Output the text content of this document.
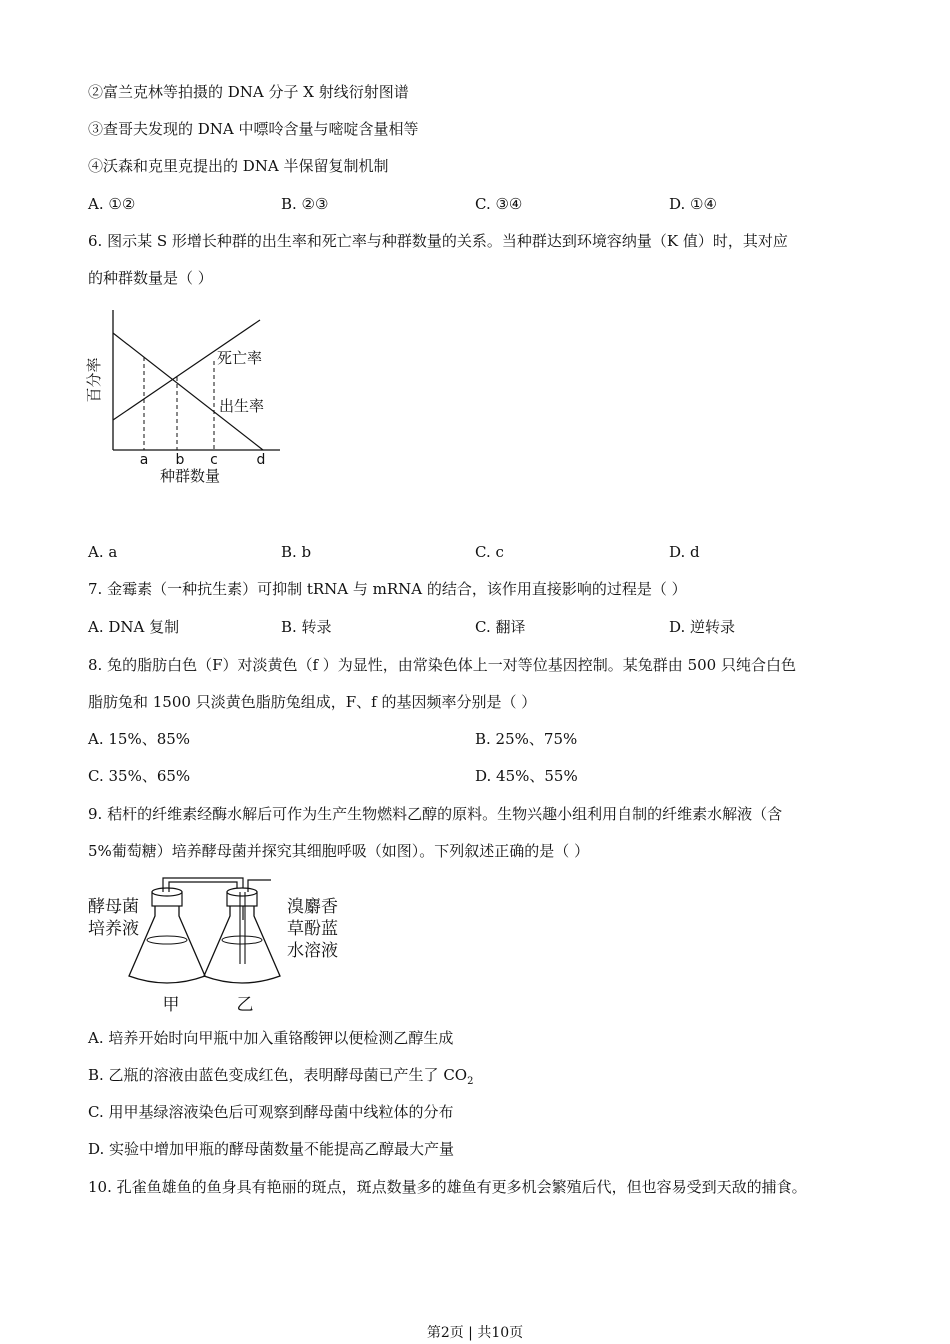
②富兰克林等拍摄的 DNA 分子 X 射线衍射图谱
③查哥夫发现的 DNA 中嘌呤含量与嘧啶含量相等
④沃森和克里克提出的 DNA 半保留复制机制
A. ①②	B. ②③	C. ③④	D. ①④
6. 图示某 S 形增长种群的出生率和死亡率与种群数量的关系。当种群达到环境容纳量（K 值）时，其对应
的种群数量是（ ）
百分率	死亡率
出生率
a b c	d
种群数量
A. a	B. b	C. c	D. d
7. 金霉素（一种抗生素）可抑制 tRNA 与 mRNA 的结合，该作用直接影响的过程是（ ）
A. DNA 复制	B. 转录	C. 翻译	D. 逆转录
8. 兔的脂肪白色（F）对淡黄色（f ）为显性，由常染色体上一对等位基因控制。某兔群由 500 只纯合白色
脂肪兔和 1500 只淡黄色脂肪兔组成，F、f 的基因频率分别是（ ）
A. 15%、85%	B. 25%、75%
C. 35%、65%	D. 45%、55%
9. 秸杆的纤维素经酶水解后可作为生产生物燃料乙醇的原料。生物兴趣小组利用自制的纤维素水解液（含
5%葡萄糖）培养酵母菌并探究其细胞呼吸（如图）。下列叙述正确的是（ ）
酵母菌
培养液
溴麝香
草酚蓝
水溶液
甲	乙
A. 培养开始时向甲瓶中加入重铬酸钾以便检测乙醇生成
B. 乙瓶的溶液由蓝色变成红色，表明酵母菌已产生了 $CO_2$
C. 用甲基绿溶液染色后可观察到酵母菌中线粒体的分布
D. 实验中增加甲瓶的酵母菌数量不能提高乙醇最大产量
10. 孔雀鱼雄鱼的鱼身具有艳丽的斑点，斑点数量多的雄鱼有更多机会繁殖后代，但也容易受到天敌的捕食。
第2页 | 共10页
